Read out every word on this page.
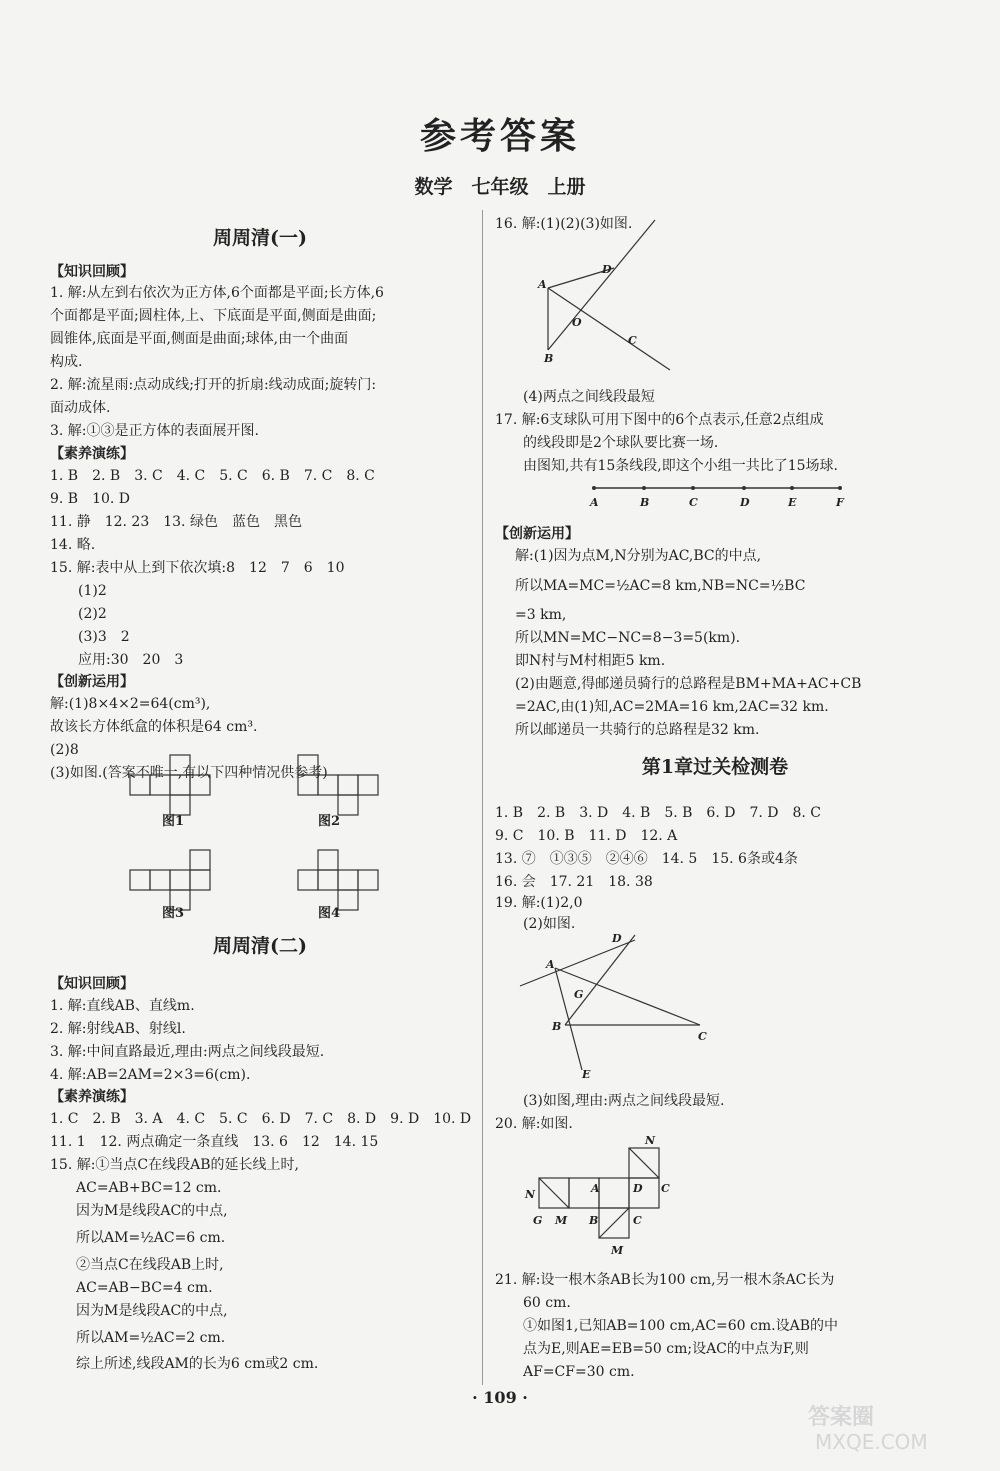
参考答案
数学　七年级　上册
周周清(一)
【知识回顾】
1. 解:从左到右依次为正方体,6个面都是平面;长方体,6
个面都是平面;圆柱体,上、下底面是平面,侧面是曲面;
圆锥体,底面是平面,侧面是曲面;球体,由一个曲面
构成.
2. 解:流星雨:点动成线;打开的折扇:线动成面;旋转门:
面动成体.
3. 解:①③是正方体的表面展开图.
【素养演练】
1. B　2. B　3. C　4. C　5. C　6. B　7. C　8. C
9. B　10. D
11. 静　12. 23　13. 绿色　蓝色　黑色
14. 略.
15. 解:表中从上到下依次填:8　12　7　6　10
(1)2
(2)2
(3)3　2
应用:30　20　3
【创新运用】
解:(1)8×4×2=64(cm³),
故该长方体纸盒的体积是64 cm³.
(2)8
(3)如图.(答案不唯一,有以下四种情况供参考)
周周清(二)
【知识回顾】
1. 解:直线AB、直线m.
2. 解:射线AB、射线l.
3. 解:中间直路最近,理由:两点之间线段最短.
4. 解:AB=2AM=2×3=6(cm).
【素养演练】
1. C　2. B　3. A　4. C　5. C　6. D　7. C　8. D　9. D　10. D
11. 1　12. 两点确定一条直线　13. 6　12　14. 15
15. 解:①当点C在线段AB的延长线上时,
AC=AB+BC=12 cm.
因为M是线段AC的中点,
所以AM=½AC=6 cm.
②当点C在线段AB上时,
AC=AB−BC=4 cm.
因为M是线段AC的中点,
所以AM=½AC=2 cm.
综上所述,线段AM的长为6 cm或2 cm.
16. 解:(1)(2)(3)如图.
(4)两点之间线段最短
17. 解:6支球队可用下图中的6个点表示,任意2点组成
的线段即是2个球队要比赛一场.
由图知,共有15条线段,即这个小组一共比了15场球.
【创新运用】
解:(1)因为点M,N分别为AC,BC的中点,
所以MA=MC=½AC=8 km,NB=NC=½BC
=3 km,
所以MN=MC−NC=8−3=5(km).
即N村与M村相距5 km.
(2)由题意,得邮递员骑行的总路程是BM+MA+AC+CB
=2AC,由(1)知,AC=2MA=16 km,2AC=32 km.
所以邮递员一共骑行的总路程是32 km.
第1章过关检测卷
1. B　2. B　3. D　4. B　5. B　6. D　7. D　8. C
9. C　10. B　11. D　12. A
13. ⑦　①③⑤　②④⑥　14. 5　15. 6条或4条
16. 会　17. 21　18. 38
19. 解:(1)2,0
(2)如图.
(3)如图,理由:两点之间线段最短.
20. 解:如图.
21. 解:设一根木条AB长为100 cm,另一根木条AC长为
60 cm.
①如图1,已知AB=100 cm,AC=60 cm.设AB的中
点为E,则AE=EB=50 cm;设AC的中点为F,则
AF=CF=30 cm.
图1	图2
图3	图4
A
D
O
C
B
A	B	C	D	E	F
D
A
G
B
C
E
N
A	D C
N
G M B	C
M
· 109 ·
答案圈
MXQE.COM
